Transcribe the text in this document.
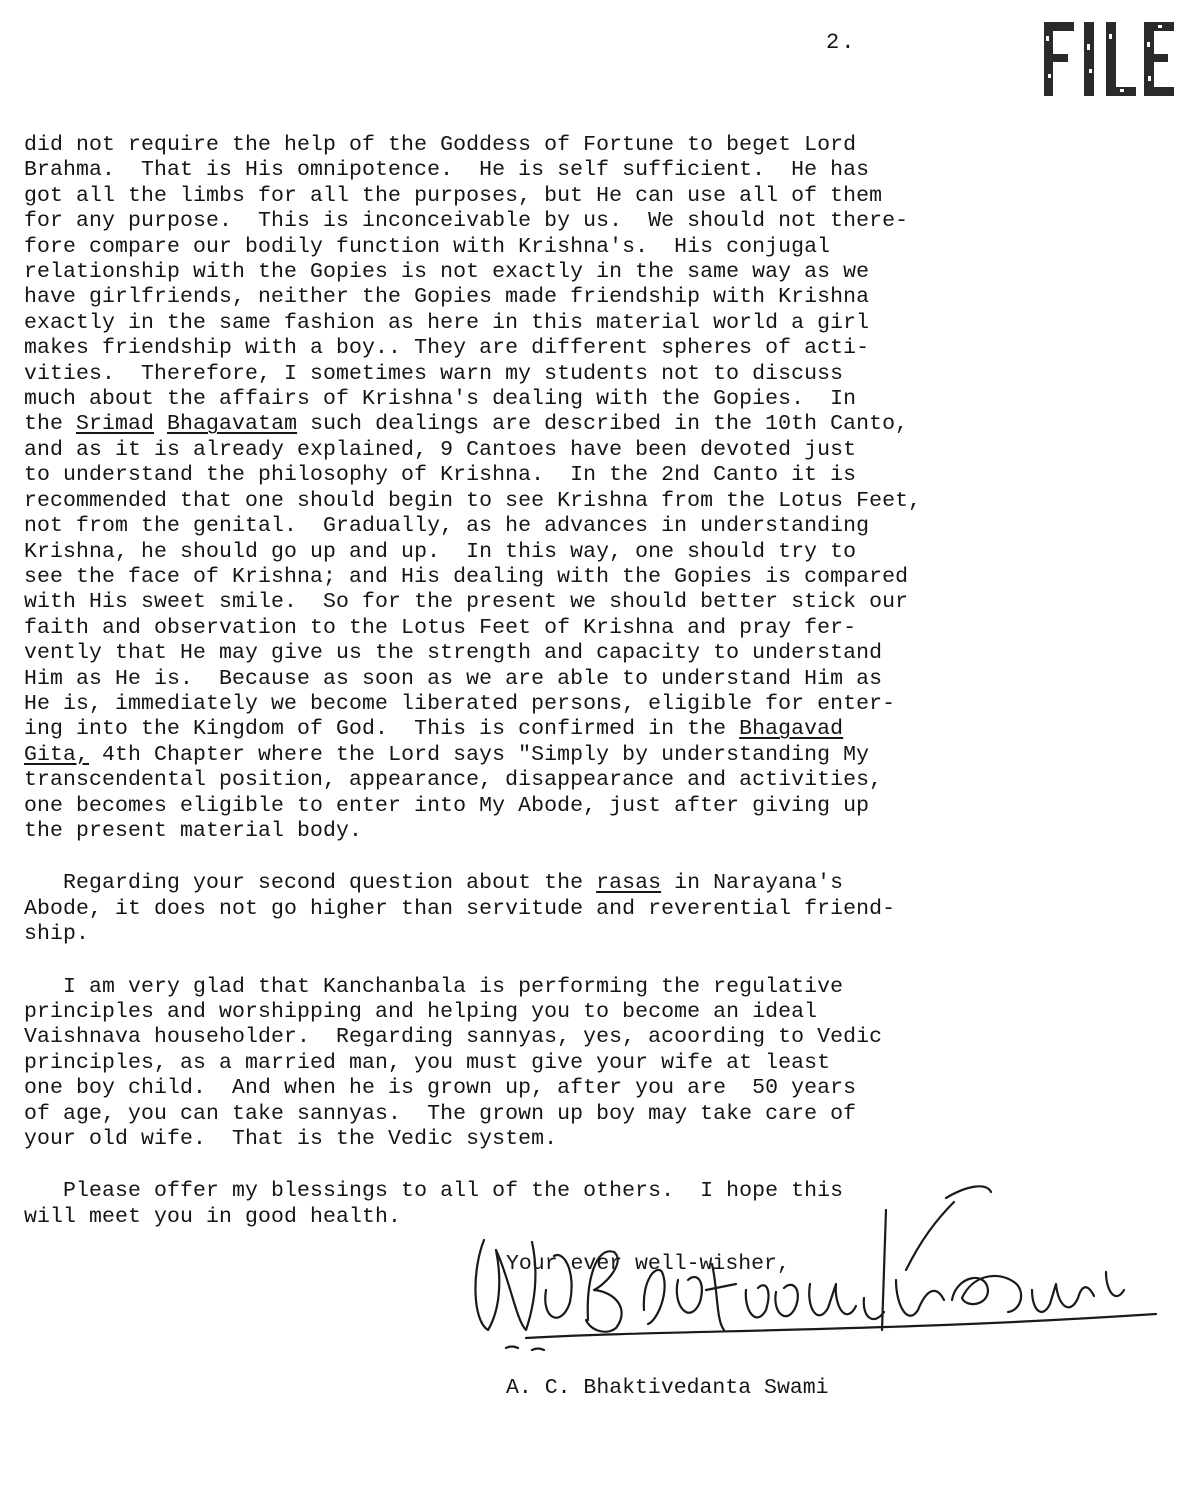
2.
did not require the help of the Goddess of Fortune to beget Lord
Brahma.  That is His omnipotence.  He is self sufficient.  He has
got all the limbs for all the purposes, but He can use all of them
for any purpose.  This is inconceivable by us.  We should not there-
fore compare our bodily function with Krishna's.  His conjugal
relationship with the Gopies is not exactly in the same way as we
have girlfriends, neither the Gopies made friendship with Krishna
exactly in the same fashion as here in this material world a girl
makes friendship with a boy.. They are different spheres of acti-
vities.  Therefore, I sometimes warn my students not to discuss
much about the affairs of Krishna's dealing with the Gopies.  In
the Srimad Bhagavatam such dealings are described in the 10th Canto,
and as it is already explained, 9 Cantoes have been devoted just
to understand the philosophy of Krishna.  In the 2nd Canto it is
recommended that one should begin to see Krishna from the Lotus Feet,
not from the genital.  Gradually, as he advances in understanding
Krishna, he should go up and up.  In this way, one should try to
see the face of Krishna; and His dealing with the Gopies is compared
with His sweet smile.  So for the present we should better stick our
faith and observation to the Lotus Feet of Krishna and pray fer-
vently that He may give us the strength and capacity to understand
Him as He is.  Because as soon as we are able to understand Him as
He is, immediately we become liberated persons, eligible for enter-
ing into the Kingdom of God.  This is confirmed in the Bhagavad
Gita, 4th Chapter where the Lord says "Simply by understanding My
transcendental position, appearance, disappearance and activities,
one becomes eligible to enter into My Abode, just after giving up
the present material body.
Regarding your second question about the rasas in Narayana's
Abode, it does not go higher than servitude and reverential friend-
ship.
I am very glad that Kanchanbala is performing the regulative
principles and worshipping and helping you to become an ideal
Vaishnava householder.  Regarding sannyas, yes, acoording to Vedic
principles, as a married man, you must give your wife at least
one boy child.  And when he is grown up, after you are  50 years
of age, you can take sannyas.  The grown up boy may take care of
your old wife.  That is the Vedic system.
Please offer my blessings to all of the others.  I hope this
will meet you in good health.
Your ever well-wisher,
A. C. Bhaktivedanta Swami
